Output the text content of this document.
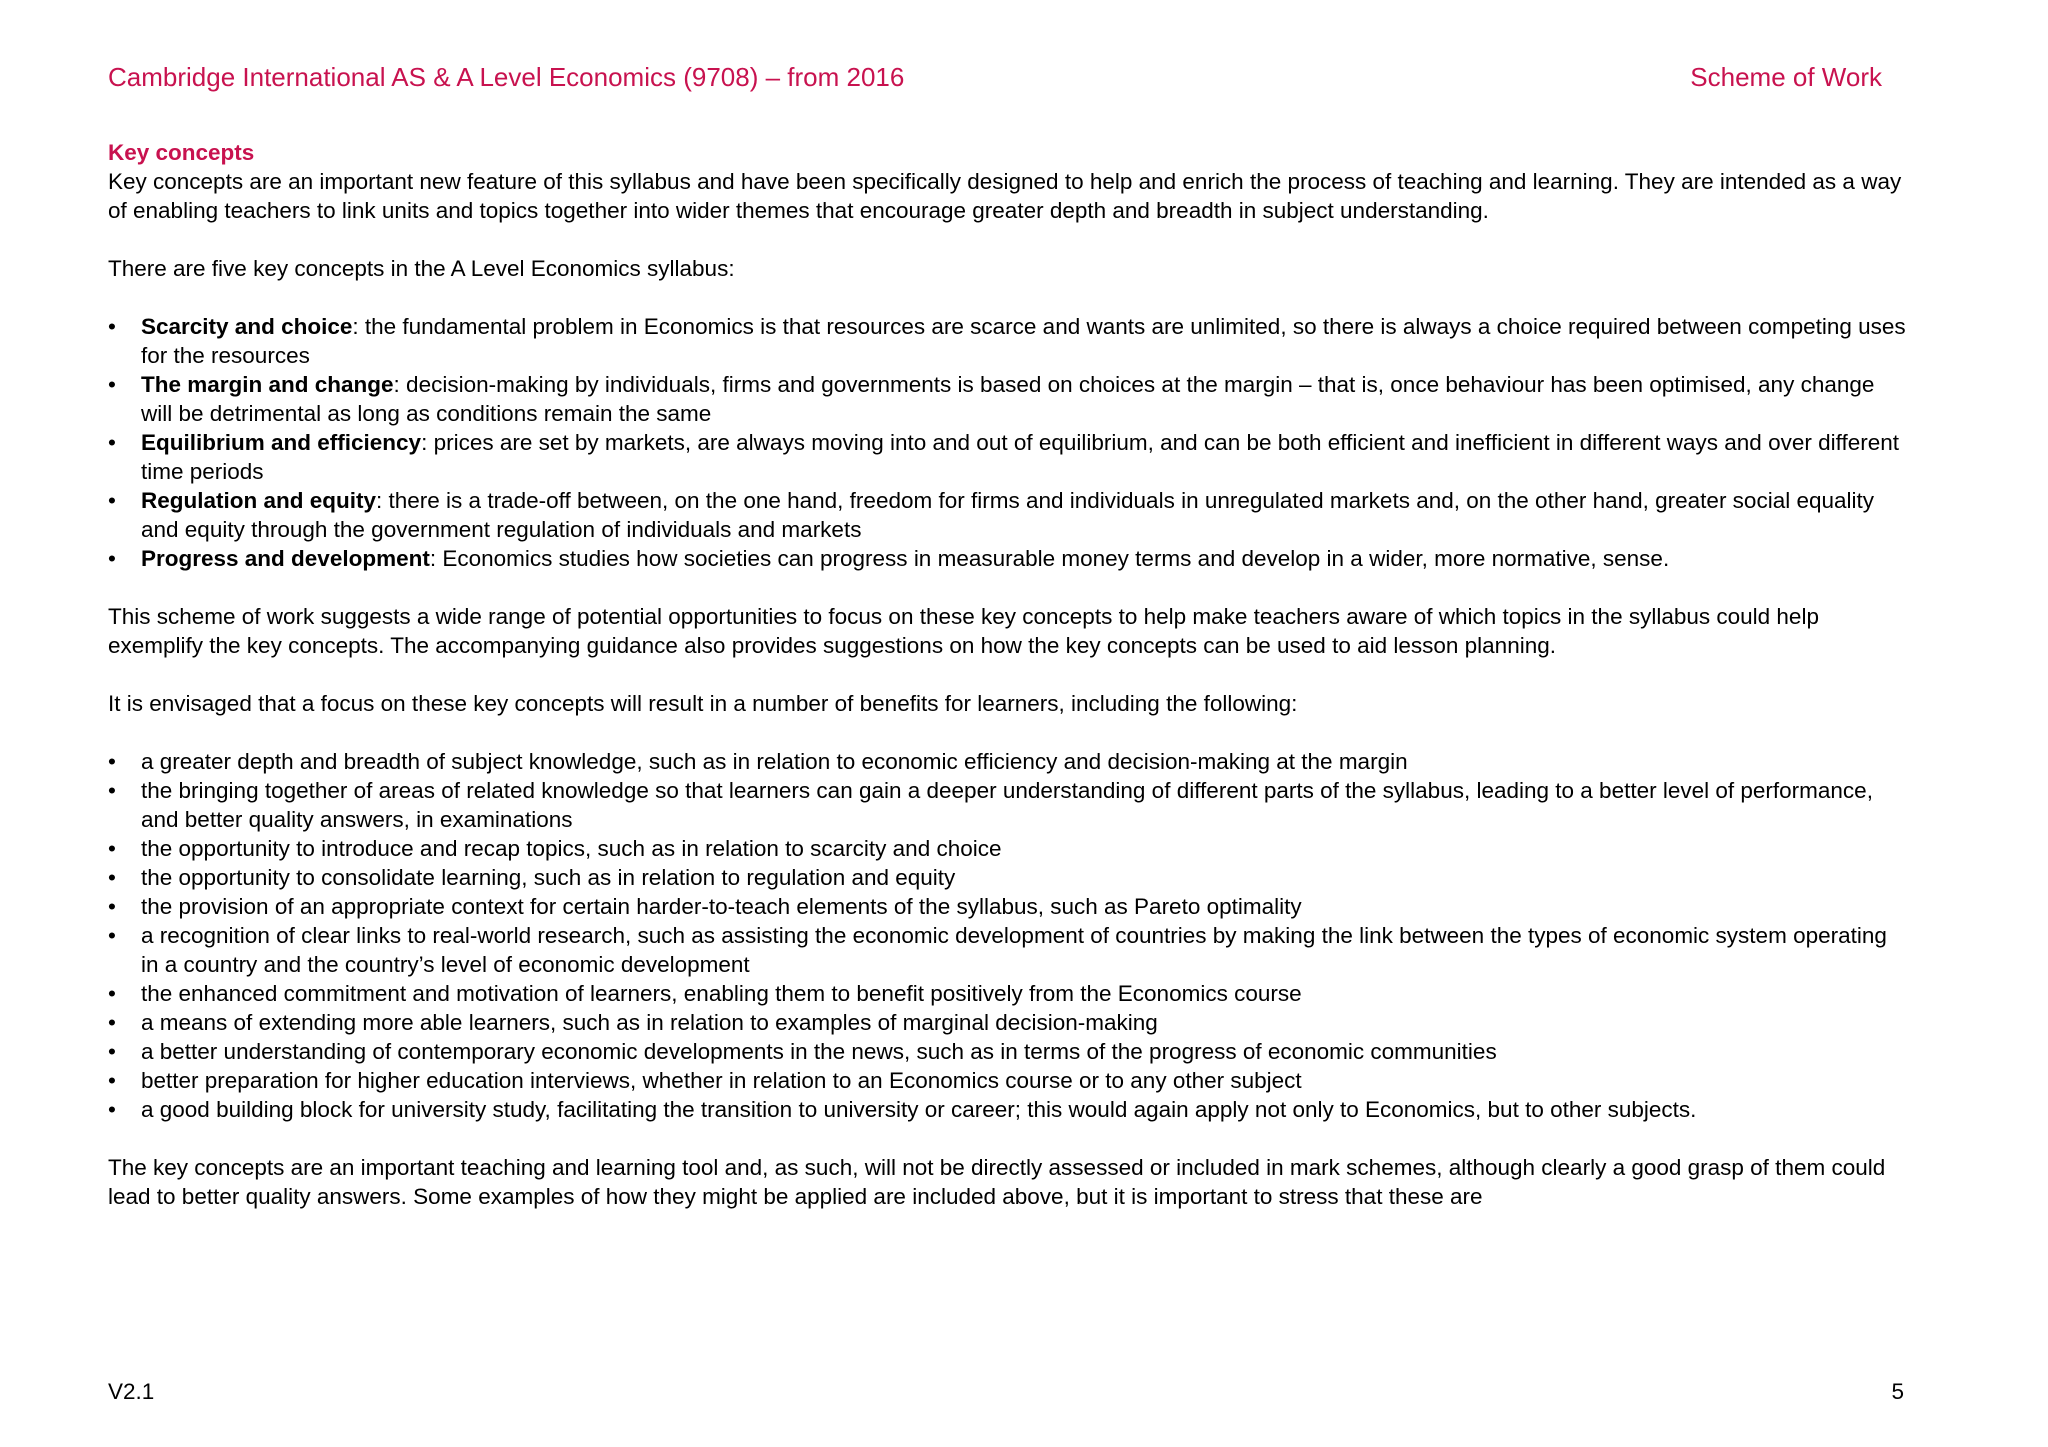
Cambridge International AS & A Level Economics (9708) – from 2016	Scheme of Work

Key concepts

Key concepts are an important new feature of this syllabus and have been specifically designed to help and enrich the process of teaching and learning. They are intended as a way of enabling teachers to link units and topics together into wider themes that encourage greater depth and breadth in subject understanding.

There are five key concepts in the A Level Economics syllabus:

• Scarcity and choice: the fundamental problem in Economics is that resources are scarce and wants are unlimited, so there is always a choice required between competing uses for the resources
• The margin and change: decision-making by individuals, firms and governments is based on choices at the margin – that is, once behaviour has been optimised, any change will be detrimental as long as conditions remain the same
• Equilibrium and efficiency: prices are set by markets, are always moving into and out of equilibrium, and can be both efficient and inefficient in different ways and over different time periods
• Regulation and equity: there is a trade-off between, on the one hand, freedom for firms and individuals in unregulated markets and, on the other hand, greater social equality and equity through the government regulation of individuals and markets
• Progress and development: Economics studies how societies can progress in measurable money terms and develop in a wider, more normative, sense.

This scheme of work suggests a wide range of potential opportunities to focus on these key concepts to help make teachers aware of which topics in the syllabus could help exemplify the key concepts. The accompanying guidance also provides suggestions on how the key concepts can be used to aid lesson planning.

It is envisaged that a focus on these key concepts will result in a number of benefits for learners, including the following:

• a greater depth and breadth of subject knowledge, such as in relation to economic efficiency and decision-making at the margin
• the bringing together of areas of related knowledge so that learners can gain a deeper understanding of different parts of the syllabus, leading to a better level of performance, and better quality answers, in examinations
• the opportunity to introduce and recap topics, such as in relation to scarcity and choice
• the opportunity to consolidate learning, such as in relation to regulation and equity
• the provision of an appropriate context for certain harder-to-teach elements of the syllabus, such as Pareto optimality
• a recognition of clear links to real-world research, such as assisting the economic development of countries by making the link between the types of economic system operating in a country and the country’s level of economic development
• the enhanced commitment and motivation of learners, enabling them to benefit positively from the Economics course
• a means of extending more able learners, such as in relation to examples of marginal decision-making
• a better understanding of contemporary economic developments in the news, such as in terms of the progress of economic communities
• better preparation for higher education interviews, whether in relation to an Economics course or to any other subject
• a good building block for university study, facilitating the transition to university or career; this would again apply not only to Economics, but to other subjects.

The key concepts are an important teaching and learning tool and, as such, will not be directly assessed or included in mark schemes, although clearly a good grasp of them could lead to better quality answers. Some examples of how they might be applied are included above, but it is important to stress that these are

V2.1	5
